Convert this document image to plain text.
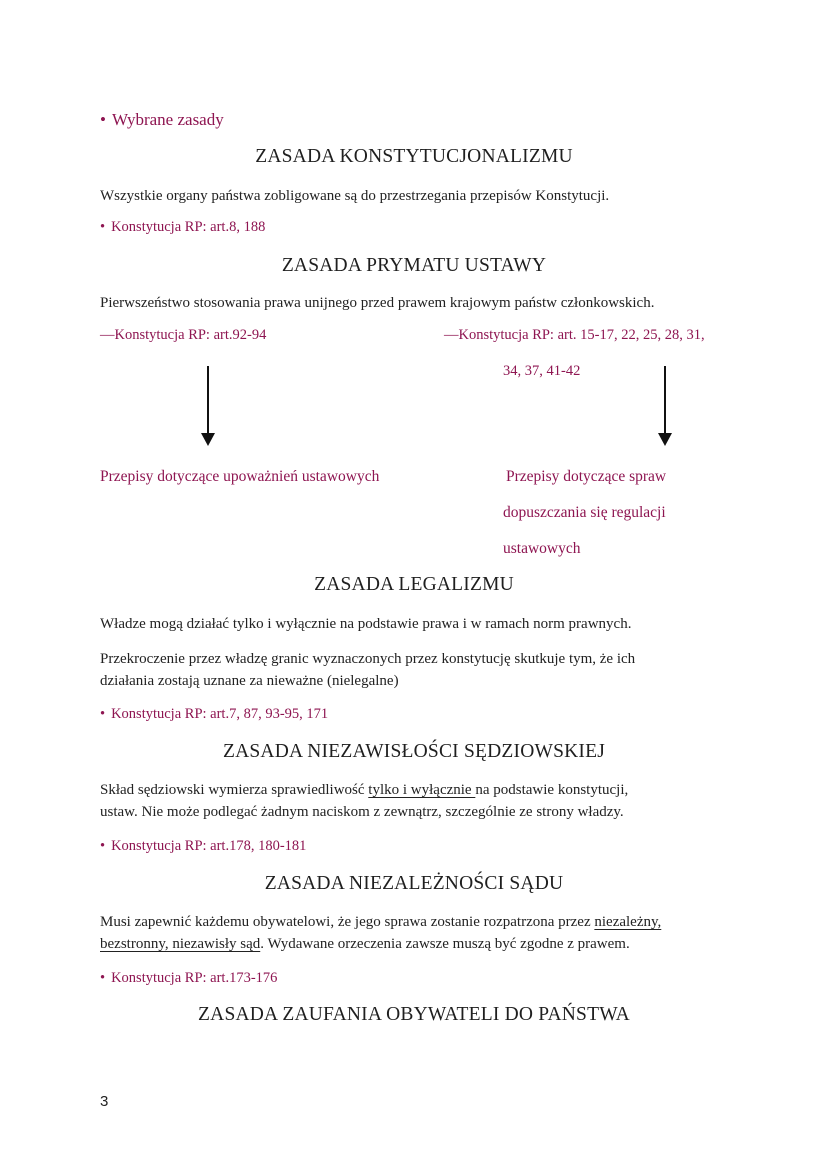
• Wybrane zasady
ZASADA KONSTYTUCJONALIZMU
Wszystkie organy państwa zobligowane są do przestrzegania przepisów Konstytucji.
• Konstytucja RP: art.8, 188
ZASADA PRYMATU USTAWY
Pierwszeństwo stosowania prawa unijnego przed prawem krajowym państw członkowskich.
—Konstytucja RP: art.92-94	—Konstytucja RP: art. 15-17, 22, 25, 28, 31,
34, 37, 41-42
Przepisy dotyczące upoważnień ustawowych	Przepisy dotyczące spraw
dopuszczania się regulacji
ustawowych
ZASADA LEGALIZMU
Władze mogą działać tylko i wyłącznie na podstawie prawa i w ramach norm prawnych.
Przekroczenie przez władzę granic wyznaczonych przez konstytucję skutkuje tym, że ich
działania zostają uznane za nieważne (nielegalne)
• Konstytucja RP: art.7, 87, 93-95, 171
ZASADA NIEZAWISŁOŚCI SĘDZIOWSKIEJ
Skład sędziowski wymierza sprawiedliwość tylko i wyłącznie na podstawie konstytucji,
ustaw. Nie może podlegać żadnym naciskom z zewnątrz, szczególnie ze strony władzy.
• Konstytucja RP: art.178, 180-181
ZASADA NIEZALEŻNOŚCI SĄDU
Musi zapewnić każdemu obywatelowi, że jego sprawa zostanie rozpatrzona przez niezależny,
bezstronny, niezawisły sąd. Wydawane orzeczenia zawsze muszą być zgodne z prawem.
• Konstytucja RP: art.173-176
ZASADA ZAUFANIA OBYWATELI DO PAŃSTWA
3
